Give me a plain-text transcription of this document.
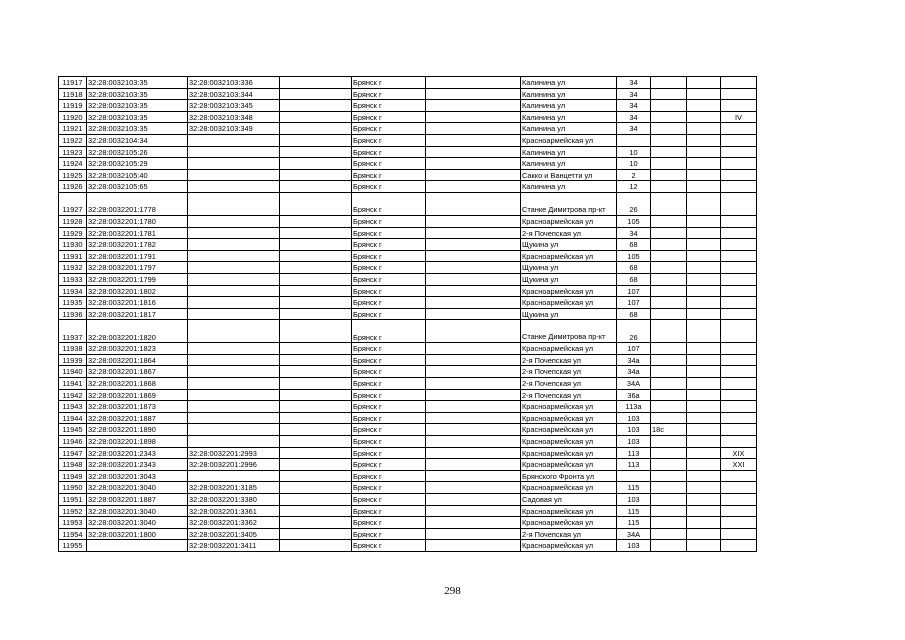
11917	32:28:0032103:35	32:28:0032103:336		Брянск г		Калинина ул	34			
11918	32:28:0032103:35	32:28:0032103:344		Брянск г		Калинина ул	34			
11919	32:28:0032103:35	32:28:0032103:345		Брянск г		Калинина ул	34			
11920	32:28:0032103:35	32:28:0032103:348		Брянск г		Калинина ул	34			IV
11921	32:28:0032103:35	32:28:0032103:349		Брянск г		Калинина ул	34			
11922	32:28:0032104:34			Брянск г		Красноармейская ул				
11923	32:28:0032105:26			Брянск г		Калинина ул	10			
11924	32:28:0032105:29			Брянск г		Калинина ул	10			
11925	32:28:0032105:40			Брянск г		Сакко и Ванцетти ул	2			
11926	32:28:0032105:65			Брянск г		Калинина ул	12			
11927	32:28:0032201:1778			Брянск г		Станке Димитрова пр-кт	26			
11928	32:28:0032201:1780			Брянск г		Красноармейская ул	105			
11929	32:28:0032201:1781			Брянск г		2-я Почепская ул	34			
11930	32:28:0032201:1782			Брянск г		Щукина ул	68			
11931	32:28:0032201:1791			Брянск г		Красноармейская ул	105			
11932	32:28:0032201:1797			Брянск г		Щукина ул	68			
11933	32:28:0032201:1799			Брянск г		Щукина ул	68			
11934	32:28:0032201:1802			Брянск г		Красноармейская ул	107			
11935	32:28:0032201:1816			Брянск г		Красноармейская ул	107			
11936	32:28:0032201:1817			Брянск г		Щукина ул	68			
11937	32:28:0032201:1820			Брянск г		Станке Димитрова пр-кт	26			
11938	32:28:0032201:1823			Брянск г		Красноармейская ул	107			
11939	32:28:0032201:1864			Брянск г		2-я Почепская ул	34а			
11940	32:28:0032201:1867			Брянск г		2-я Почепская ул	34а			
11941	32:28:0032201:1868			Брянск г		2-я Почепская ул	34А			
11942	32:28:0032201:1869			Брянск г		2-я Почепская ул	36а			
11943	32:28:0032201:1873			Брянск г		Красноармейская ул	113а			
11944	32:28:0032201:1887			Брянск г		Красноармейская ул	103			
11945	32:28:0032201:1890			Брянск г		Красноармейская ул	103	18с		
11946	32:28:0032201:1898			Брянск г		Красноармейская ул	103			
11947	32:28:0032201:2343	32:28:0032201:2993		Брянск г		Красноармейская ул	113			XIX
11948	32:28:0032201:2343	32:28:0032201:2996		Брянск г		Красноармейская ул	113			XXI
11949	32:28:0032201:3043			Брянск г		Брянского Фронта ул				
11950	32:28:0032201:3040	32:28:0032201:3185		Брянск г		Красноармейская ул	115			
11951	32:28:0032201:1887	32:28:0032201:3380		Брянск г		Садовая ул	103			
11952	32:28:0032201:3040	32:28:0032201:3361		Брянск г		Красноармейская ул	115			
11953	32:28:0032201:3040	32:28:0032201:3362		Брянск г		Красноармейская ул	115			
11954	32:28:0032201:1800	32:28:0032201:3405		Брянск г		2-я Почепская ул	34А			
11955		32:28:0032201:3411		Брянск г		Красноармейская ул	103			
298
